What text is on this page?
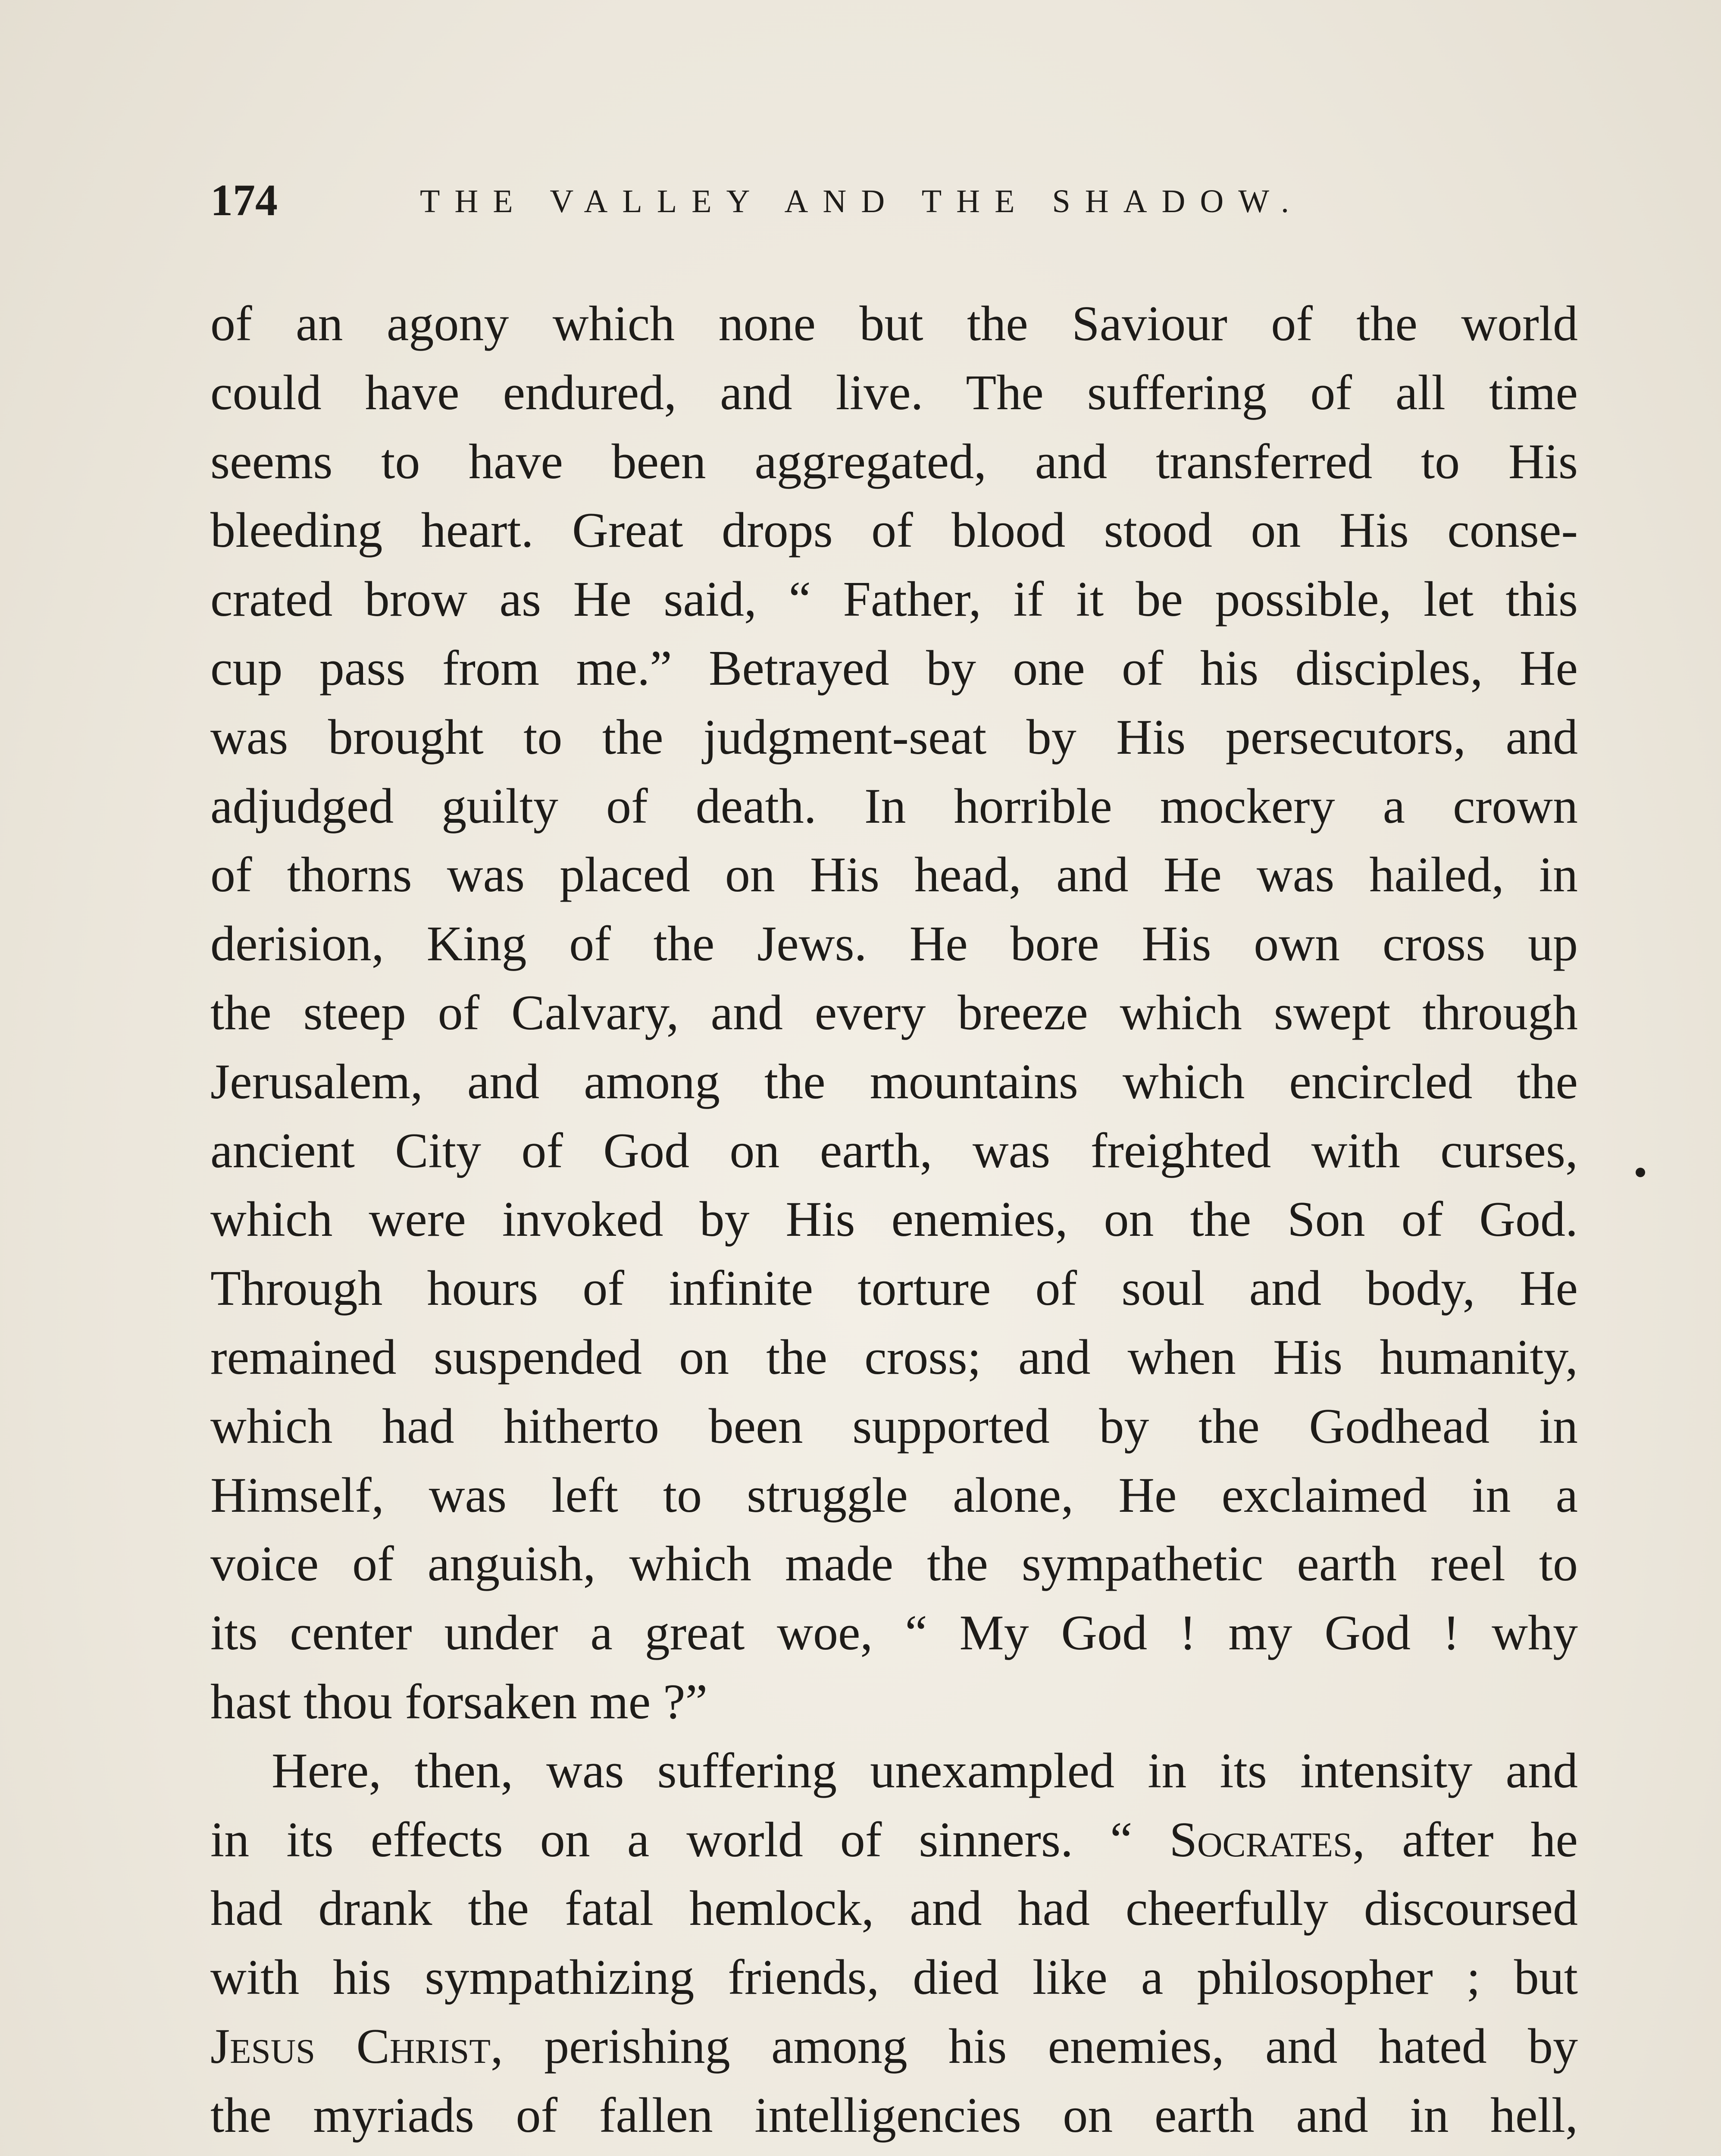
174	THE VALLEY AND THE SHADOW.
of an agony which none but the Saviour of the world
could have endured, and live. The suffering of all time
seems to have been aggregated, and transferred to His
bleeding heart. Great drops of blood stood on His conse-
crated brow as He said, “ Father, if it be possible, let this
cup pass from me.” Betrayed by one of his disciples, He
was brought to the judgment-seat by His persecutors, and
adjudged guilty of death. In horrible mockery a crown
of thorns was placed on His head, and He was hailed, in
derision, King of the Jews. He bore His own cross up
the steep of Calvary, and every breeze which swept through
Jerusalem, and among the mountains which encircled the
ancient City of God on earth, was freighted with curses,
which were invoked by His enemies, on the Son of God.
Through hours of infinite torture of soul and body, He
remained suspended on the cross; and when His humanity,
which had hitherto been supported by the Godhead in
Himself, was left to struggle alone, He exclaimed in a
voice of anguish, which made the sympathetic earth reel to
its center under a great woe, “ My God ! my God ! why
hast thou forsaken me ?”
Here, then, was suffering unexampled in its intensity and
in its effects on a world of sinners. “ Socrates, after he
had drank the fatal hemlock, and had cheerfully discoursed
with his sympathizing friends, died like a philosopher ; but
Jesus Christ, perishing among his enemies, and hated by
the myriads of fallen intelligencies on earth and in hell,
